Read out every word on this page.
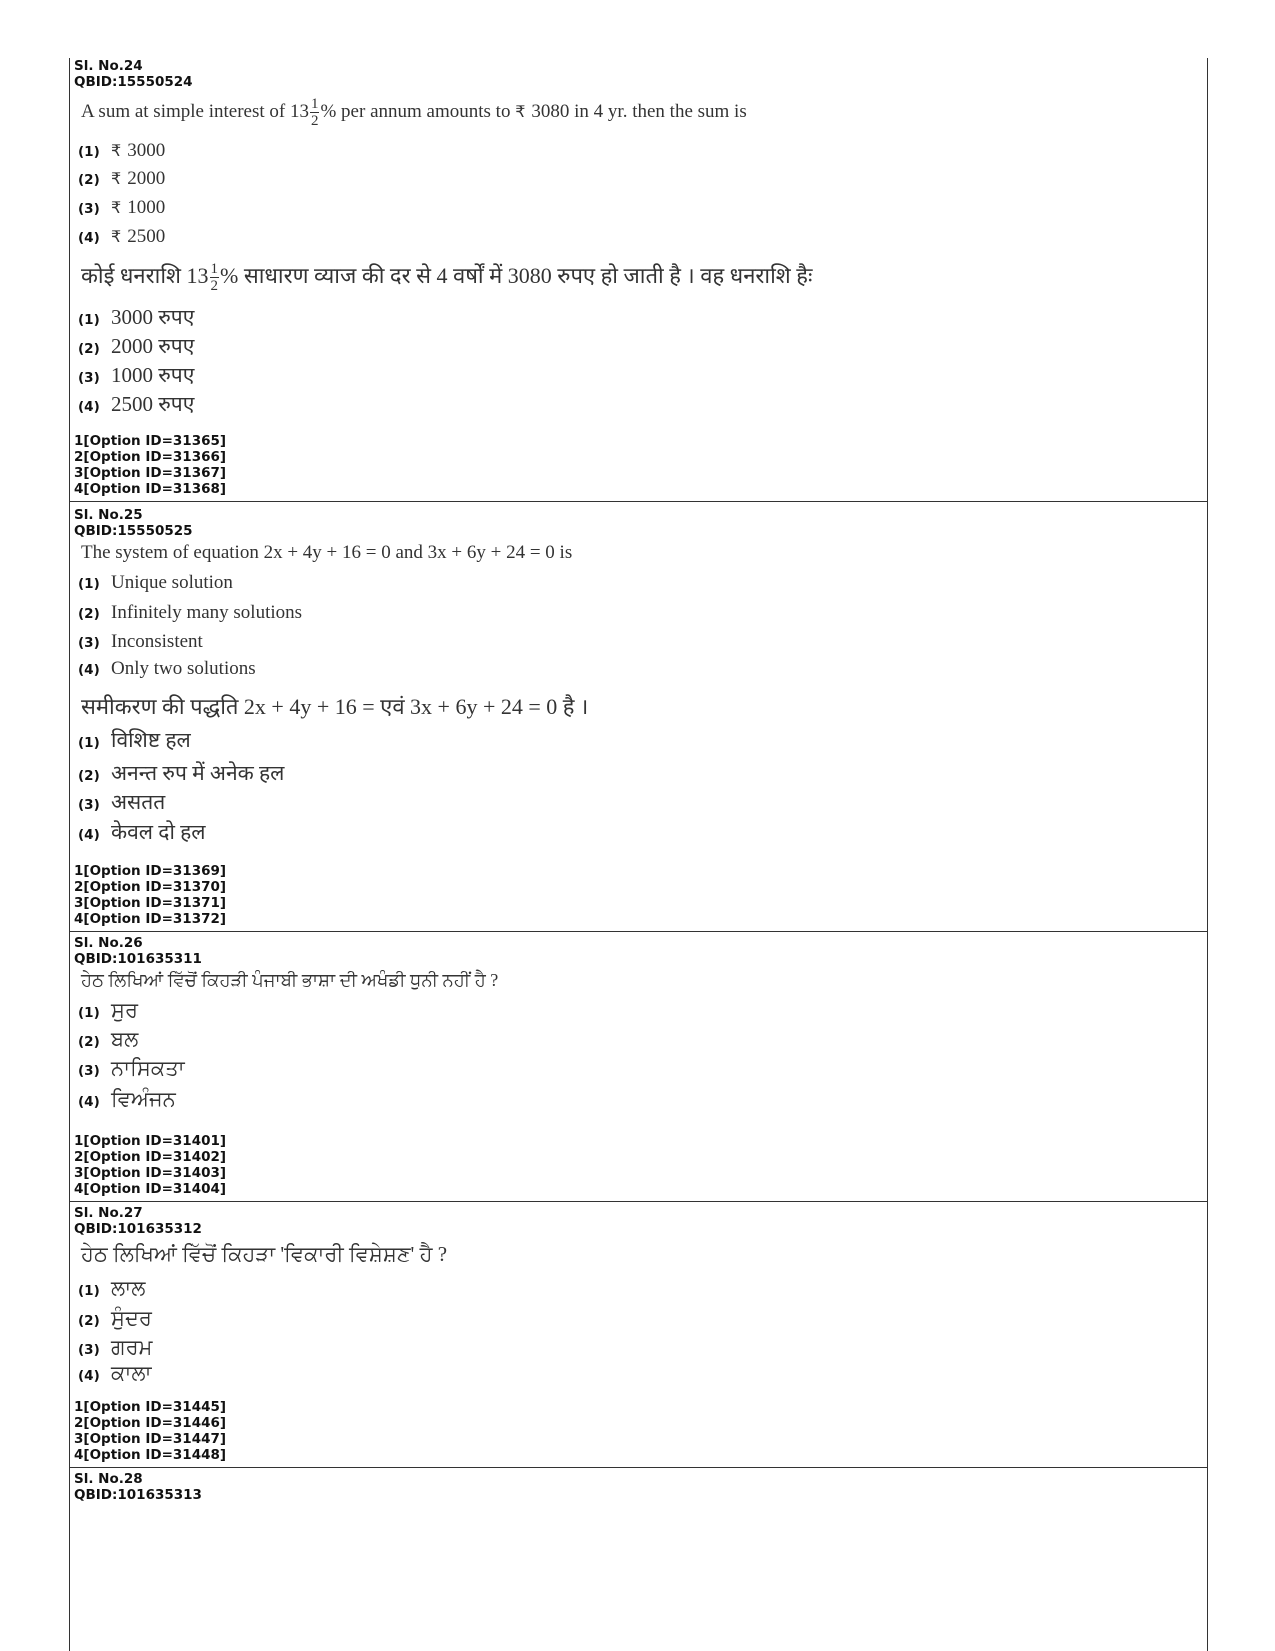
Sl. No.24
QBID:15550524
A sum at simple interest of $13 \frac{1}{2}$ % per annum amounts to ₹ 3080 in 4 yr. then the sum is
(1) ₹ 3000
(2) ₹ 2000
(3) ₹ 1000
(4) ₹ 2500
कोई धनराशि $13 \frac{1}{2}$ % साधारण व्याज की दर से 4 वर्षों में 3080 रुपए हो जाती है । वह धनराशि हैः
(1) 3000 रुपए
(2) 2000 रुपए
(3) 1000 रुपए
(4) 2500 रुपए
1[Option ID=31365]
2[Option ID=31366]
3[Option ID=31367]
4[Option ID=31368]
Sl. No.25
QBID:15550525
The system of equation 2x + 4y + 16 = 0 and 3x + 6y + 24 = 0 is
(1) Unique solution
(2) Infinitely many solutions
(3) Inconsistent
(4) Only two solutions
समीकरण की पद्धति 2x + 4y + 16 = एवं 3x + 6y + 24 = 0 है ।
(1) विशिष्ट हल
(2) अनन्त रुप में अनेक हल
(3) असतत
(4) केवल दो हल
1[Option ID=31369]
2[Option ID=31370]
3[Option ID=31371]
4[Option ID=31372]
Sl. No.26
QBID:101635311
ਹੇਠ ਲਿਖਿਆਂ ਵਿੱਚੋਂ ਕਿਹੜੀ ਪੰਜਾਬੀ ਭਾਸ਼ਾ ਦੀ ਅਖੰਡੀ ਧੁਨੀ ਨਹੀਂ ਹੈ ?
(1) ਸੁਰ
(2) ਬਲ
(3) ਨਾਸਿਕਤਾ
(4) ਵਿਅੰਜਨ
1[Option ID=31401]
2[Option ID=31402]
3[Option ID=31403]
4[Option ID=31404]
Sl. No.27
QBID:101635312
ਹੇਠ ਲਿਖਿਆਂ ਵਿੱਚੋਂ ਕਿਹੜਾ 'ਵਿਕਾਰੀ ਵਿਸ਼ੇਸ਼ਣ' ਹੈ ?
(1) ਲਾਲ
(2) ਸੁੰਦਰ
(3) ਗਰਮ
(4) ਕਾਲਾ
1[Option ID=31445]
2[Option ID=31446]
3[Option ID=31447]
4[Option ID=31448]
Sl. No.28
QBID:101635313
